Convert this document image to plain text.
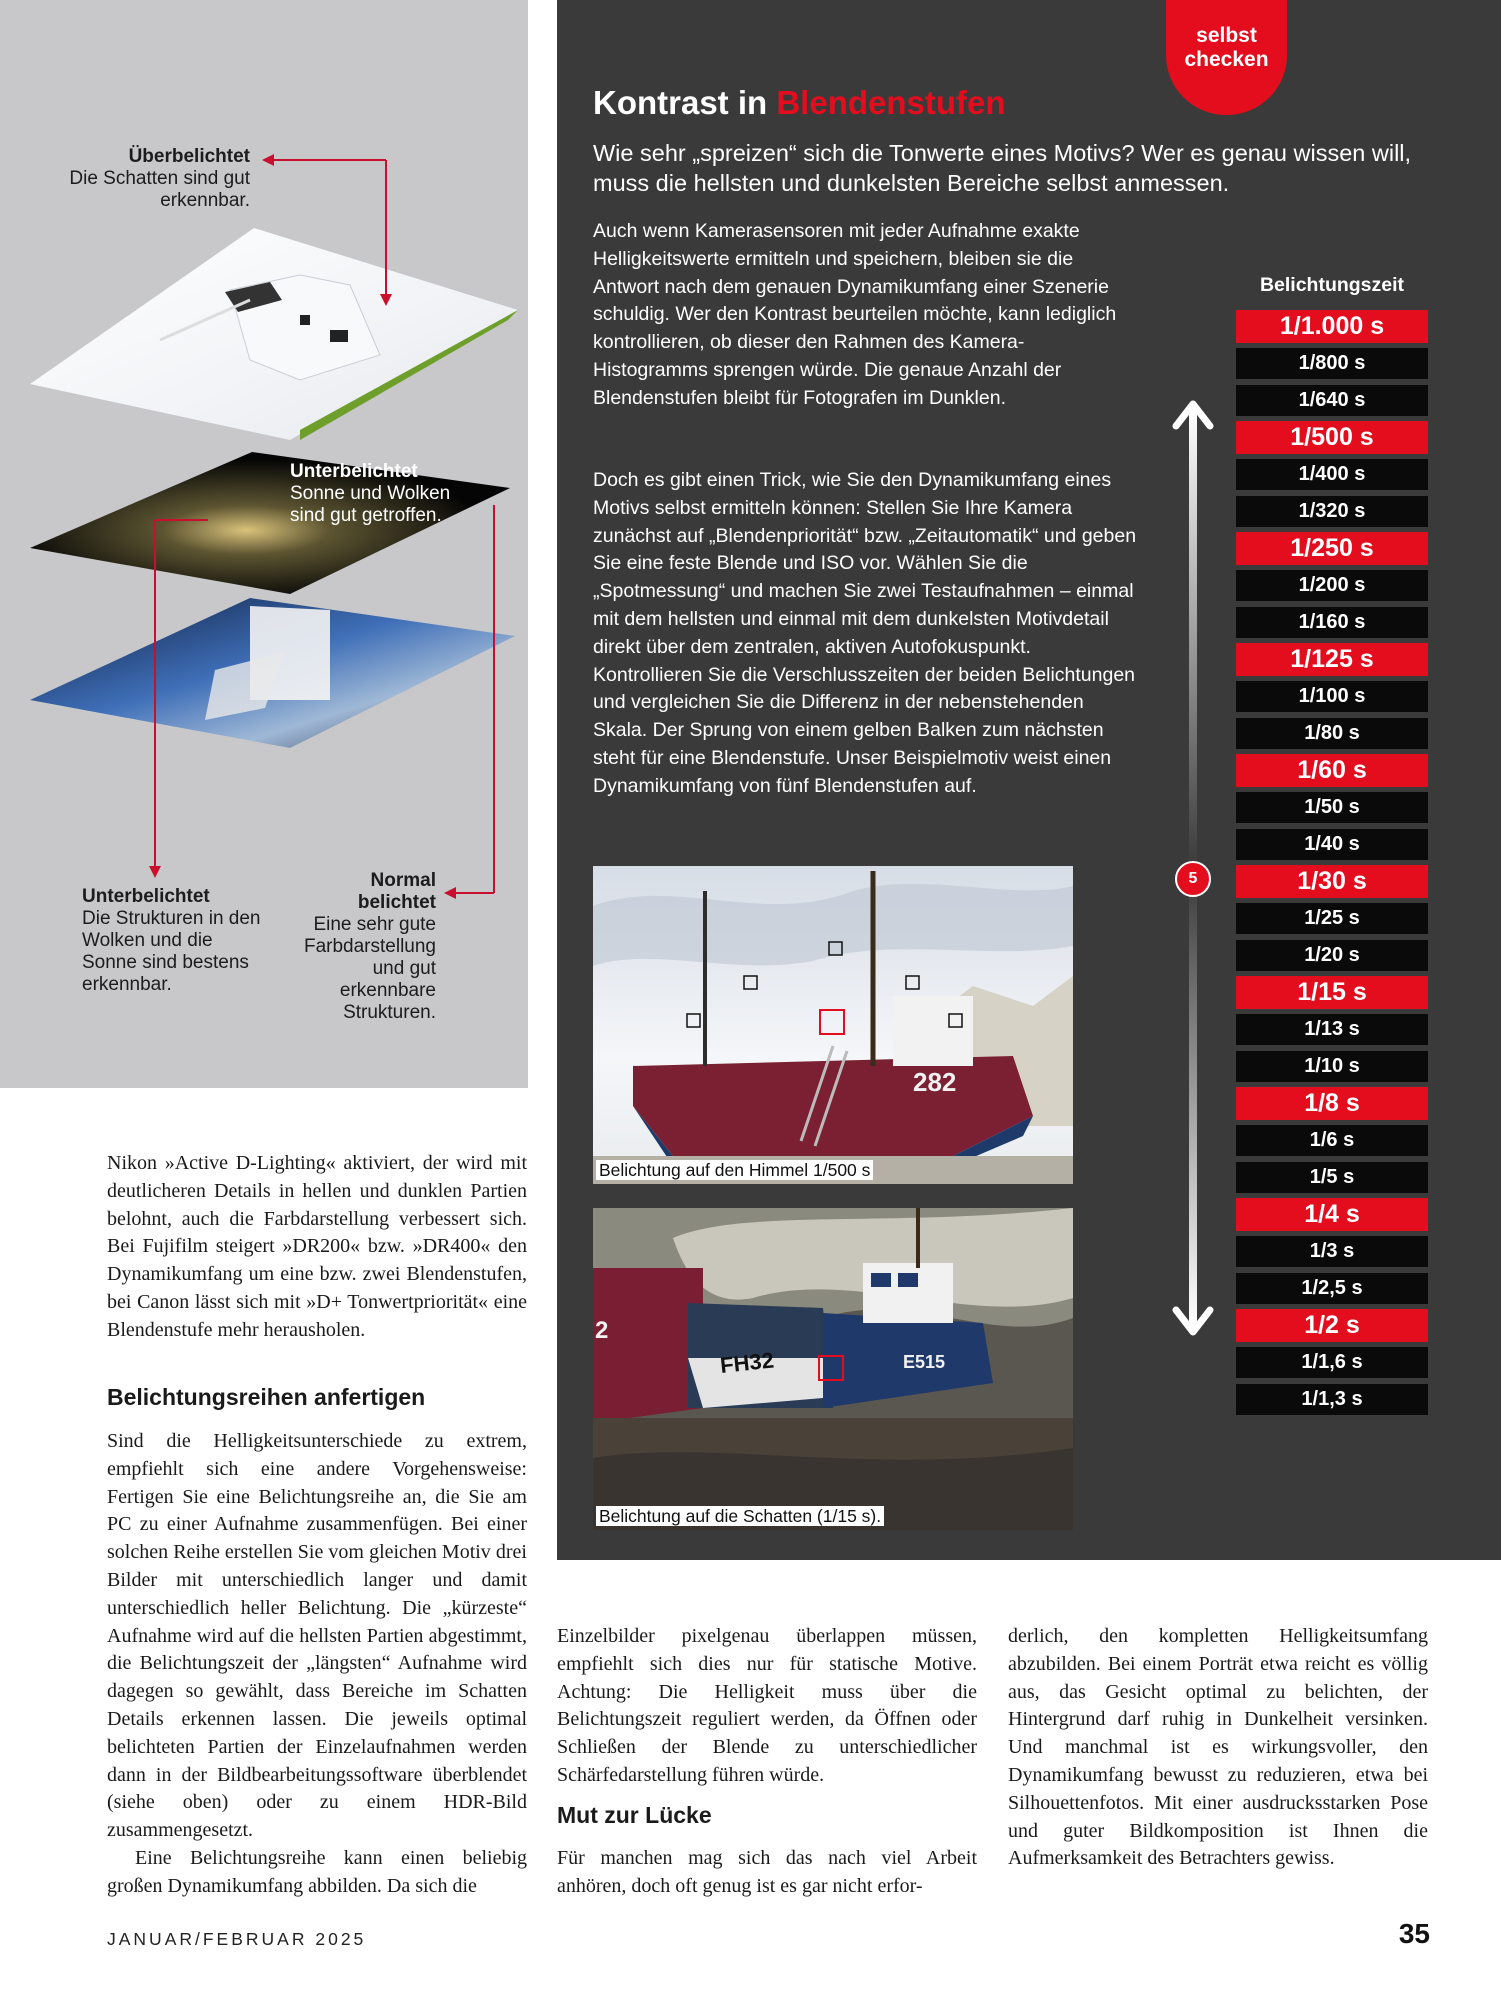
Überbelichtet
Die Schatten sind gut erkennbar.
Unterbelichtet
Sonne und Wolken sind gut getroffen.
Unterbelichtet
Die Strukturen in den Wolken und die Sonne sind bestens erkennbar.
Normal belichtet
Eine sehr gute Farbdarstellung und gut erkennbare Strukturen.
selbst
checken
Kontrast in Blendenstufen
Wie sehr „spreizen“ sich die Tonwerte eines Motivs? Wer es genau wissen will, muss die hellsten und dunkelsten Bereiche selbst anmessen.
Auch wenn Kamerasensoren mit jeder Aufnahme exakte Helligkeitswerte ermitteln und speichern, bleiben sie die Antwort nach dem genauen Dynamikumfang einer Szenerie schuldig. Wer den Kontrast beurteilen möchte, kann lediglich kontrollieren, ob dieser den Rahmen des Kamera-Histogramms sprengen würde. Die genaue Anzahl der Blendenstufen bleibt für Fotografen im Dunklen.
Doch es gibt einen Trick, wie Sie den Dynamikumfang eines Motivs selbst ermitteln können: Stellen Sie Ihre Kamera zunächst auf „Blendenpriorität“ bzw. „Zeitautomatik“ und geben Sie eine feste Blende und ISO vor. Wählen Sie die „Spotmessung“ und machen Sie zwei Testaufnahmen – einmal mit dem hellsten und einmal mit dem dunkelsten Motivdetail direkt über dem zentralen, aktiven Autofokuspunkt. Kontrollieren Sie die Verschlusszeiten der beiden Belichtungen und vergleichen Sie die Differenz in der nebenstehenden Skala. Der Sprung von einem gelben Balken zum nächsten steht für eine Blendenstufe. Unser Beispielmotiv weist einen Dynamikumfang von fünf Blendenstufen auf.
282
Belichtung auf den Himmel 1/500 s
FH32	E515
2
Belichtung auf die Schatten (1/15 s).
Belichtungszeit
1/1.000 s
1/800 s
1/640 s
1/500 s
1/400 s
1/320 s
1/250 s
1/200 s
1/160 s
1/125 s
1/100 s
1/80 s
1/60 s
1/50 s
1/40 s
1/30 s
1/25 s
1/20 s
1/15 s
1/13 s
1/10 s
1/8 s
1/6 s
1/5 s
1/4 s
1/3 s
1/2,5 s
1/2 s
1/1,6 s
1/1,3 s
5
Nikon »Active D-Lighting« aktiviert, der wird mit deutlicheren Details in hellen und dunklen Partien belohnt, auch die Farbdarstellung verbessert sich. Bei Fujifilm steigert »DR200« bzw. »DR400« den Dynamikumfang um eine bzw. zwei Blendenstufen, bei Canon lässt sich mit »D+ Tonwertpriorität« eine Blendenstufe mehr herausholen.
Belichtungsreihen anfertigen
Sind die Helligkeitsunterschiede zu extrem, empfiehlt sich eine andere Vorgehensweise: Fertigen Sie eine Belichtungsreihe an, die Sie am PC zu einer Aufnahme zusammenfügen. Bei einer solchen Reihe erstellen Sie vom gleichen Motiv drei Bilder mit unterschiedlich langer und damit unterschiedlich heller Belichtung. Die „kürzeste“ Aufnahme wird auf die hellsten Partien abgestimmt, die Belichtungszeit der „längsten“ Aufnahme wird dagegen so gewählt, dass Bereiche im Schatten Details erkennen lassen. Die jeweils optimal belichteten Partien der Einzelaufnahmen werden dann in der Bildbearbeitungssoftware überblendet (siehe oben) oder zu einem HDR-Bild zusammengesetzt.
Eine Belichtungsreihe kann einen beliebig großen Dynamikumfang abbilden. Da sich die
Einzelbilder pixelgenau überlappen müssen, empfiehlt sich dies nur für statische Motive. Achtung: Die Helligkeit muss über die Belichtungszeit reguliert werden, da Öffnen oder Schließen der Blende zu unterschiedlicher Schärfedarstellung führen würde.
Mut zur Lücke
Für manchen mag sich das nach viel Arbeit anhören, doch oft genug ist es gar nicht erfor-
derlich, den kompletten Helligkeitsumfang abzubilden. Bei einem Porträt etwa reicht es völlig aus, das Gesicht optimal zu belichten, der Hintergrund darf ruhig in Dunkelheit versinken. Und manchmal ist es wirkungsvoller, den Dynamikumfang bewusst zu reduzieren, etwa bei Silhouettenfotos. Mit einer ausdrucksstarken Pose und guter Bildkomposition ist Ihnen die Aufmerksamkeit des Betrachters gewiss.
JANUAR/FEBRUAR 2025	35
